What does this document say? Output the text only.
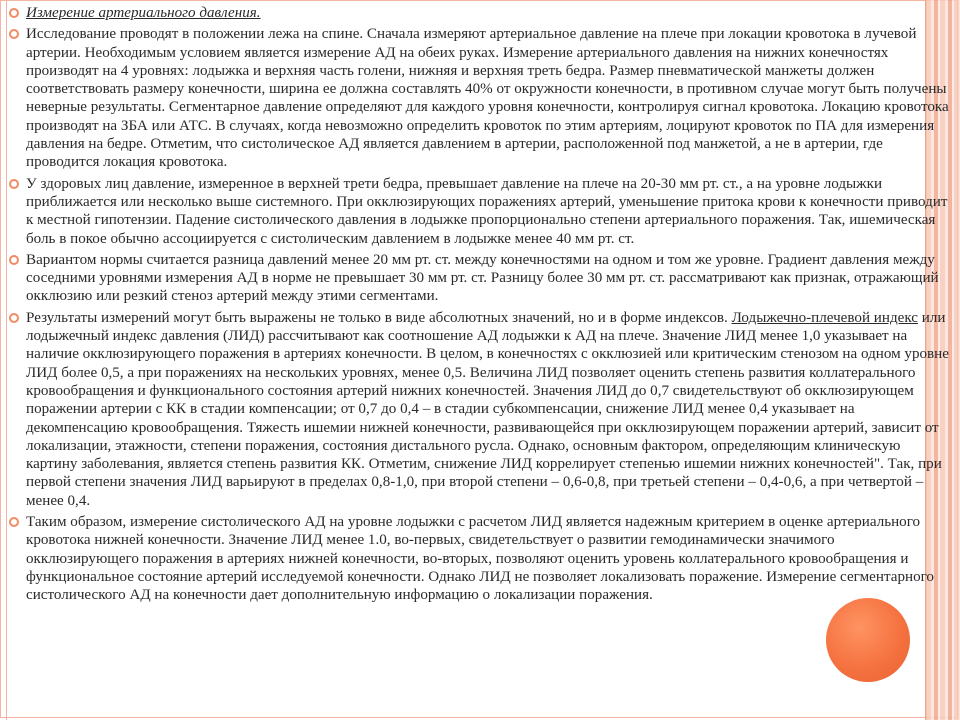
Измерение артериального давления.
Исследование проводят в положении лежа на спине. Сначала измеряют артериальное давление на плече при локации кровотока в лучевой артерии. Необходимым условием является измерение АД на обеих руках. Измерение артериального давления на нижних конечностях производят на 4 уровнях: лодыжка и верхняя часть голени, нижняя и верхняя треть бедра. Размер пневматической манжеты должен соответствовать размеру конечности, ширина ее должна составлять 40% от окружности конечности, в противном случае могут быть получены неверные результаты. Сегментарное давление определяют для каждого уровня конечности, контролируя сигнал кровотока. Локацию кровотока производят на ЗБА или АТС. В случаях, когда невозможно определить кровоток по этим артериям, лоцируют кровоток по ПА для измерения давления на бедре. Отметим, что систолическое АД является давлением в артерии, расположенной под манжетой, а не в артерии, где проводится локация кровотока.
У здоровых лиц давление, измеренное в верхней трети бедра, превышает давление на плече на 20-30 мм рт. ст., а на уровне лодыжки приближается или несколько выше системного. При окклюзирующих поражениях артерий, уменьшение притока крови к конечности приводит к местной гипотензии. Падение систолического давления в лодыжке пропорционально степени артериального поражения. Так, ишемическая боль в покое обычно ассоциируется с систолическим давлением в лодыжке менее 40 мм рт. ст.
Вариантом нормы считается разница давлений менее 20 мм рт. ст. между конечностями на одном и том же уровне. Градиент давления между соседними уровнями измерения АД в норме не превышает 30 мм рт. ст. Разницу более 30 мм рт. ст. рассматривают как признак, отражающий окклюзию или резкий стеноз артерий между этими сегментами.
Результаты измерений могут быть выражены не только в виде абсолютных значений, но и в форме индексов. Лодыжечно-плечевой индекс или лодыжечный индекс давления (ЛИД) рассчитывают как соотношение АД лодыжки к АД на плече. Значение ЛИД менее 1,0 указывает на наличие окклюзирующего поражения в артериях конечности. В целом, в конечностях с окклюзией или критическим стенозом на одном уровне ЛИД более 0,5, а при поражениях на нескольких уровнях, менее 0,5. Величина ЛИД позволяет оценить степень развития коллатерального кровообращения и функционального состояния артерий нижних конечностей. Значения ЛИД до 0,7 свидетельствуют об окклюзирующем поражении артерии с КК в стадии компенсации; от 0,7 до 0,4 – в стадии субкомпенсации, снижение ЛИД менее 0,4 указывает на декомпенсацию кровообращения. Тяжесть ишемии нижней конечности, развивающейся при окклюзирующем поражении артерий, зависит от локализации, этажности, степени поражения, состояния дистального русла. Однако, основным фактором, определяющим клиническую картину заболевания, является степень развития КК. Отметим, снижение ЛИД коррелирует степенью ишемии нижних конечностей". Так, при первой степени значения ЛИД варьируют в пределах 0,8-1,0, при второй степени – 0,6-0,8, при третьей степени – 0,4-0,6, а при четвертой – менее 0,4.
Таким образом, измерение систолического АД на уровне лодыжки с расчетом ЛИД является надежным критерием в оценке артериального кровотока нижней конечности. Значение ЛИД менее 1.0, во-первых, свидетельствует о развитии гемодинамически значимого окклюзирующего поражения в артериях нижней конечности, во-вторых, позволяют оценить уровень коллатерального кровообращения и функциональное состояние артерий исследуемой конечности. Однако ЛИД не позволяет локализовать поражение. Измерение сегментарного систолического АД на конечности дает дополнительную информацию о локализации поражения.
